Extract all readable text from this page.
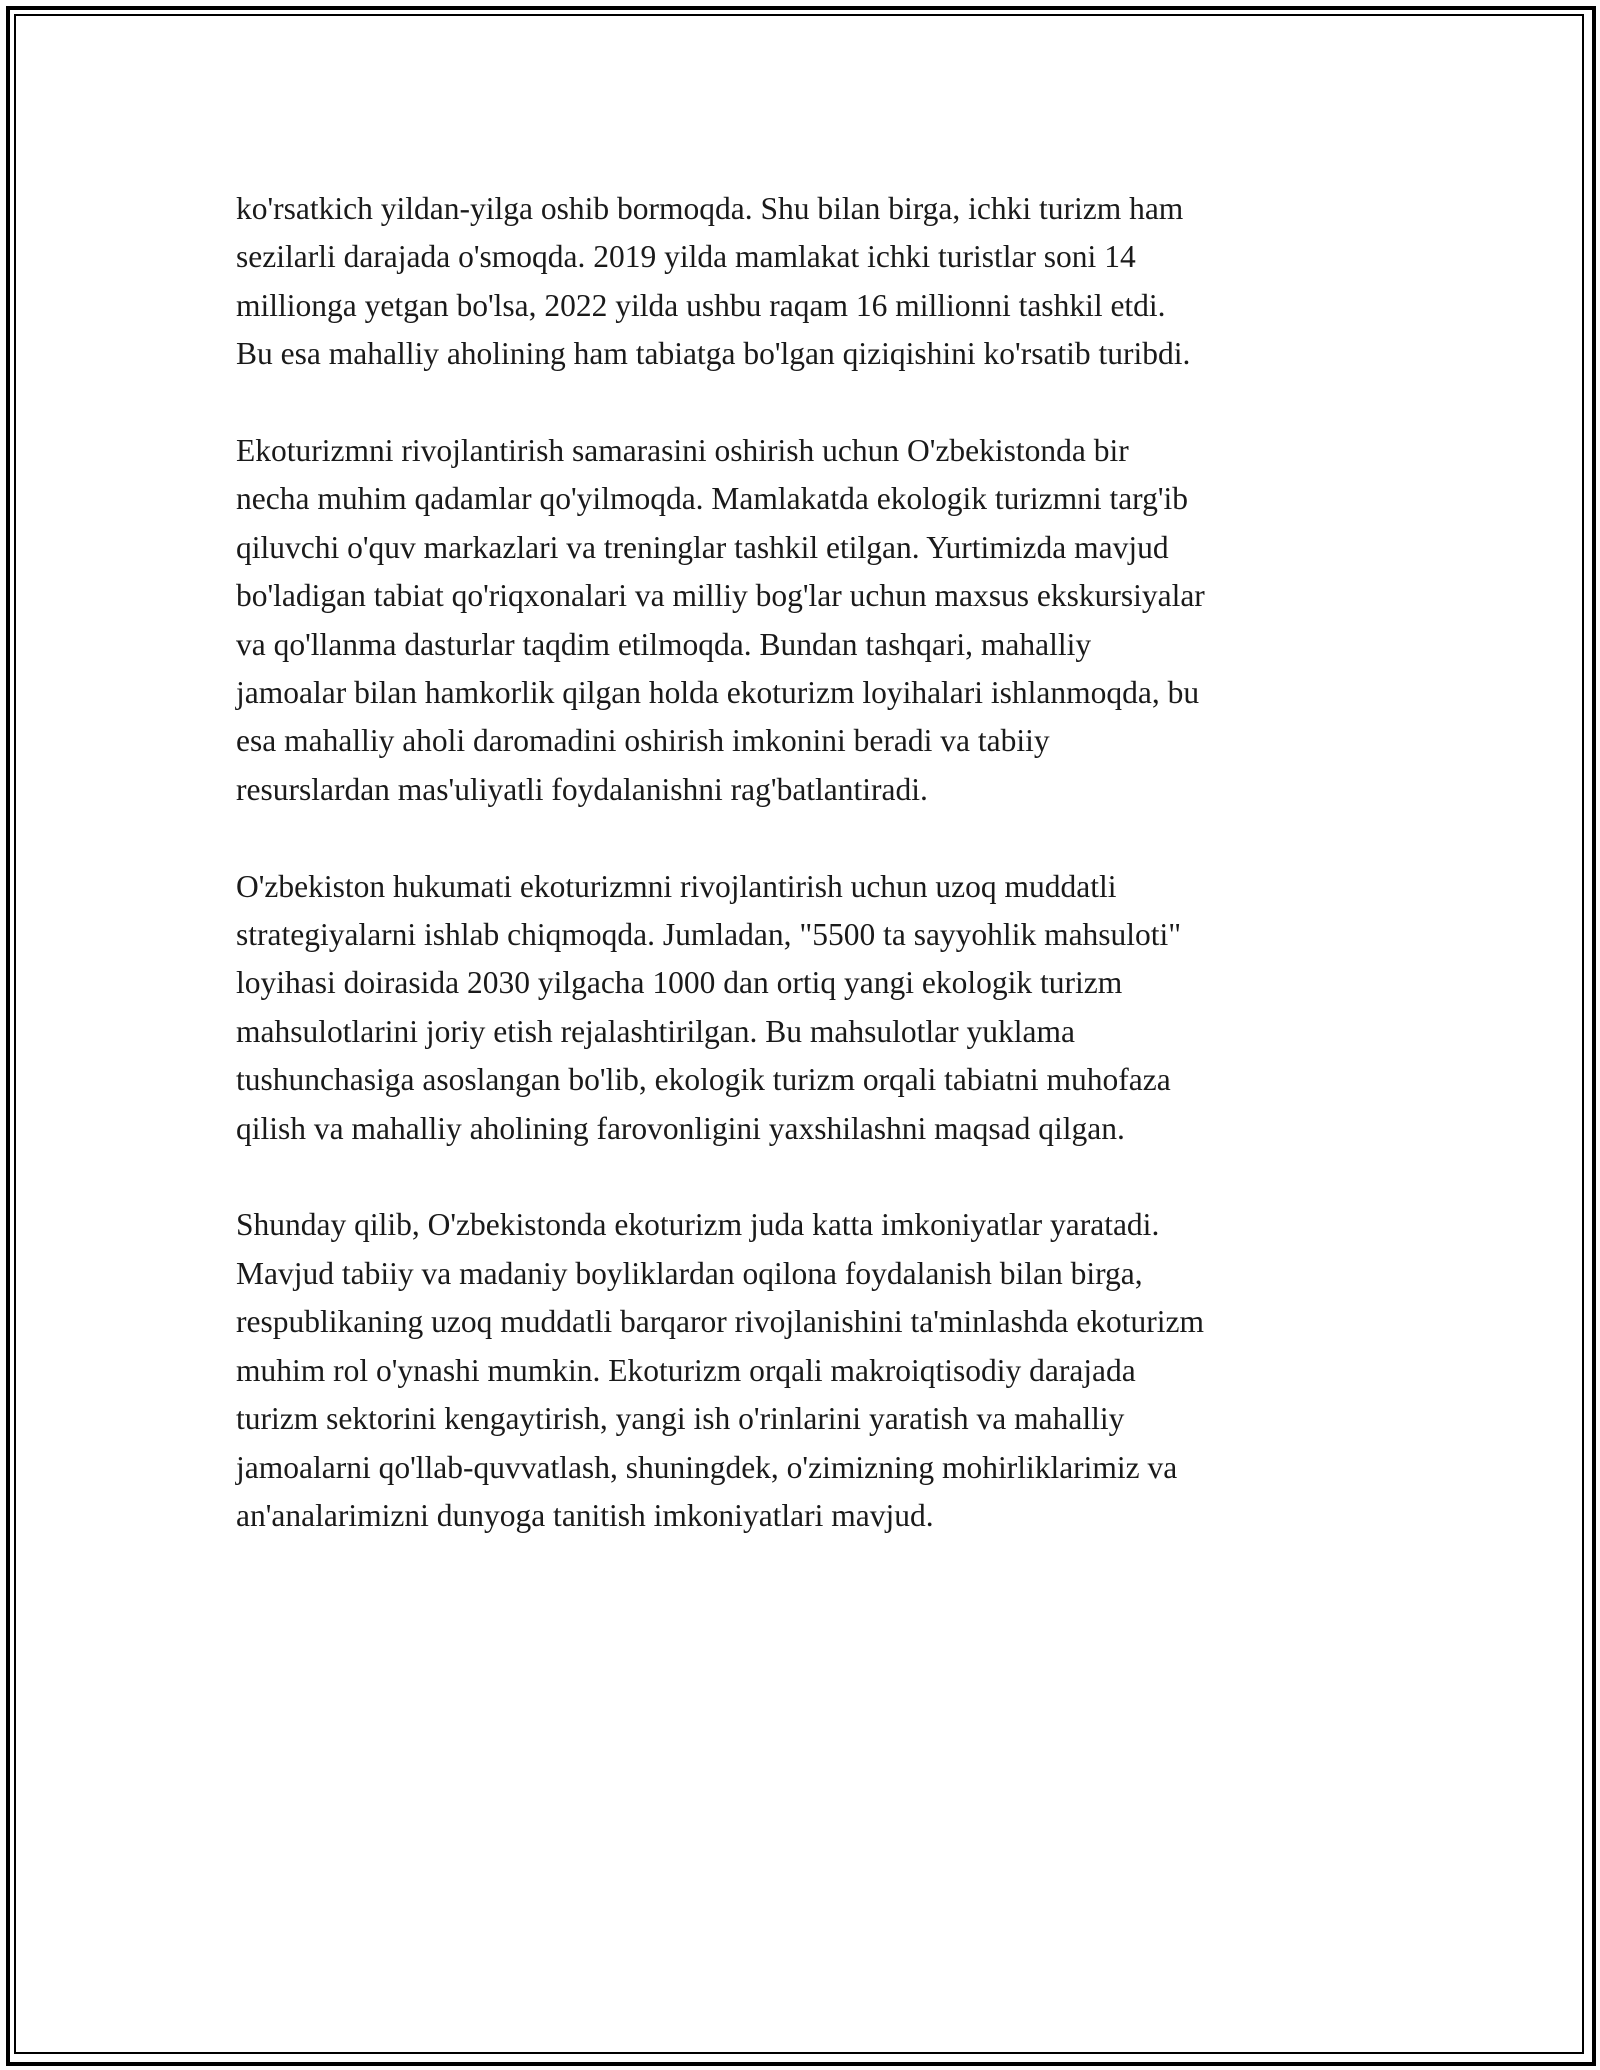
ko'rsatkich yildan-yilga oshib bormoqda. Shu bilan birga, ichki turizm ham
sezilarli darajada o'smoqda. 2019 yilda mamlakat ichki turistlar soni 14
millionga yetgan bo'lsa, 2022 yilda ushbu raqam 16 millionni tashkil etdi.
Bu esa mahalliy aholining ham tabiatga bo'lgan qiziqishini ko'rsatib turibdi.
Ekoturizmni rivojlantirish samarasini oshirish uchun O'zbekistonda bir
necha muhim qadamlar qo'yilmoqda. Mamlakatda ekologik turizmni targ'ib
qiluvchi o'quv markazlari va treninglar tashkil etilgan. Yurtimizda mavjud
bo'ladigan tabiat qo'riqxonalari va milliy bog'lar uchun maxsus ekskursiyalar
va qo'llanma dasturlar taqdim etilmoqda. Bundan tashqari, mahalliy
jamoalar bilan hamkorlik qilgan holda ekoturizm loyihalari ishlanmoqda, bu
esa mahalliy aholi daromadini oshirish imkonini beradi va tabiiy
resurslardan mas'uliyatli foydalanishni rag'batlantiradi.
O'zbekiston hukumati ekoturizmni rivojlantirish uchun uzoq muddatli
strategiyalarni ishlab chiqmoqda. Jumladan, "5500 ta sayyohlik mahsuloti"
loyihasi doirasida 2030 yilgacha 1000 dan ortiq yangi ekologik turizm
mahsulotlarini joriy etish rejalashtirilgan. Bu mahsulotlar yuklama
tushunchasiga asoslangan bo'lib, ekologik turizm orqali tabiatni muhofaza
qilish va mahalliy aholining farovonligini yaxshilashni maqsad qilgan.
Shunday qilib, O'zbekistonda ekoturizm juda katta imkoniyatlar yaratadi.
Mavjud tabiiy va madaniy boyliklardan oqilona foydalanish bilan birga,
respublikaning uzoq muddatli barqaror rivojlanishini ta'minlashda ekoturizm
muhim rol o'ynashi mumkin. Ekoturizm orqali makroiqtisodiy darajada
turizm sektorini kengaytirish, yangi ish o'rinlarini yaratish va mahalliy
jamoalarni qo'llab-quvvatlash, shuningdek, o'zimizning mohirliklarimiz va
an'analarimizni dunyoga tanitish imkoniyatlari mavjud.
